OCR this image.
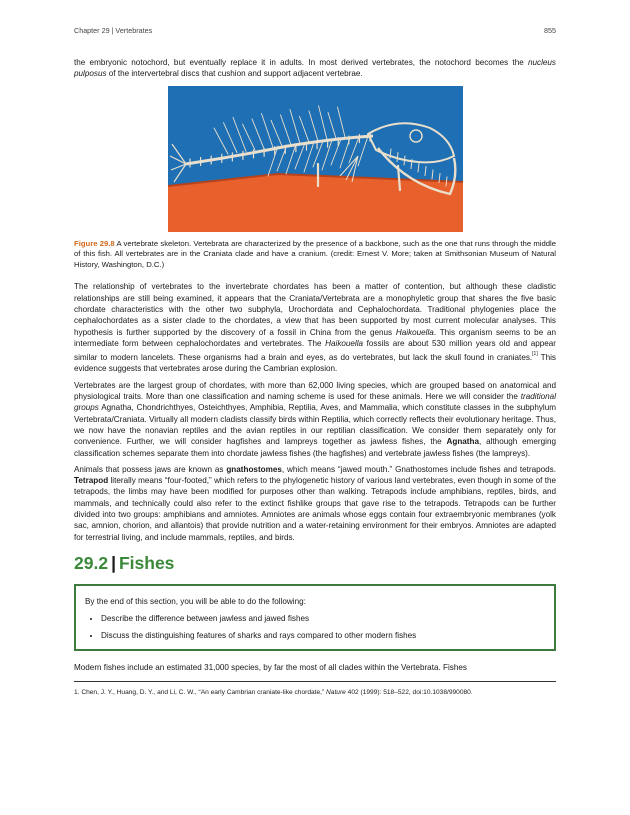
Chapter 29 | Vertebrates	855

the embryonic notochord, but eventually replace it in adults. In most derived vertebrates, the notochord becomes the nucleus pulposus of the intervertebral discs that cushion and support adjacent vertebrae.

Figure 29.8 A vertebrate skeleton. Vertebrata are characterized by the presence of a backbone, such as the one that runs through the middle of this fish. All vertebrates are in the Craniata clade and have a cranium. (credit: Ernest V. More; taken at Smithsonian Museum of Natural History, Washington, D.C.)

The relationship of vertebrates to the invertebrate chordates has been a matter of contention, but although these cladistic relationships are still being examined, it appears that the Craniata/Vertebrata are a monophyletic group that shares the five basic chordate characteristics with the other two subphyla, Urochordata and Cephalochordata. Traditional phylogenies place the cephalochordates as a sister clade to the chordates, a view that has been supported by most current molecular analyses. This hypothesis is further supported by the discovery of a fossil in China from the genus Haikouella. This organism seems to be an intermediate form between cephalochordates and vertebrates. The Haikouella fossils are about 530 million years old and appear similar to modern lancelets. These organisms had a brain and eyes, as do vertebrates, but lack the skull found in craniates.[1] This evidence suggests that vertebrates arose during the Cambrian explosion.

Vertebrates are the largest group of chordates, with more than 62,000 living species, which are grouped based on anatomical and physiological traits. More than one classification and naming scheme is used for these animals. Here we will consider the traditional groups Agnatha, Chondrichthyes, Osteichthyes, Amphibia, Reptilia, Aves, and Mammalia, which constitute classes in the subphylum Vertebrata/Craniata. Virtually all modern cladists classify birds within Reptilia, which correctly reflects their evolutionary heritage. Thus, we now have the nonavian reptiles and the avian reptiles in our reptilian classification. We consider them separately only for convenience. Further, we will consider hagfishes and lampreys together as jawless fishes, the Agnatha, although emerging classification schemes separate them into chordate jawless fishes (the hagfishes) and vertebrate jawless fishes (the lampreys).

Animals that possess jaws are known as gnathostomes, which means “jawed mouth.” Gnathostomes include fishes and tetrapods. Tetrapod literally means “four-footed,” which refers to the phylogenetic history of various land vertebrates, even though in some of the tetrapods, the limbs may have been modified for purposes other than walking. Tetrapods include amphibians, reptiles, birds, and mammals, and technically could also refer to the extinct fishlike groups that gave rise to the tetrapods. Tetrapods can be further divided into two groups: amphibians and amniotes. Amniotes are animals whose eggs contain four extraembryonic membranes (yolk sac, amnion, chorion, and allantois) that provide nutrition and a water-retaining environment for their embryos. Amniotes are adapted for terrestrial living, and include mammals, reptiles, and birds.

29.2 | Fishes

By the end of this section, you will be able to do the following:

• Describe the difference between jawless and jawed fishes
• Discuss the distinguishing features of sharks and rays compared to other modern fishes

Modern fishes include an estimated 31,000 species, by far the most of all clades within the Vertebrata. Fishes

1. Chen, J. Y., Huang, D. Y., and Li, C. W., “An early Cambrian craniate-like chordate,” Nature 402 (1999): 518–522, doi:10.1038/990080.
